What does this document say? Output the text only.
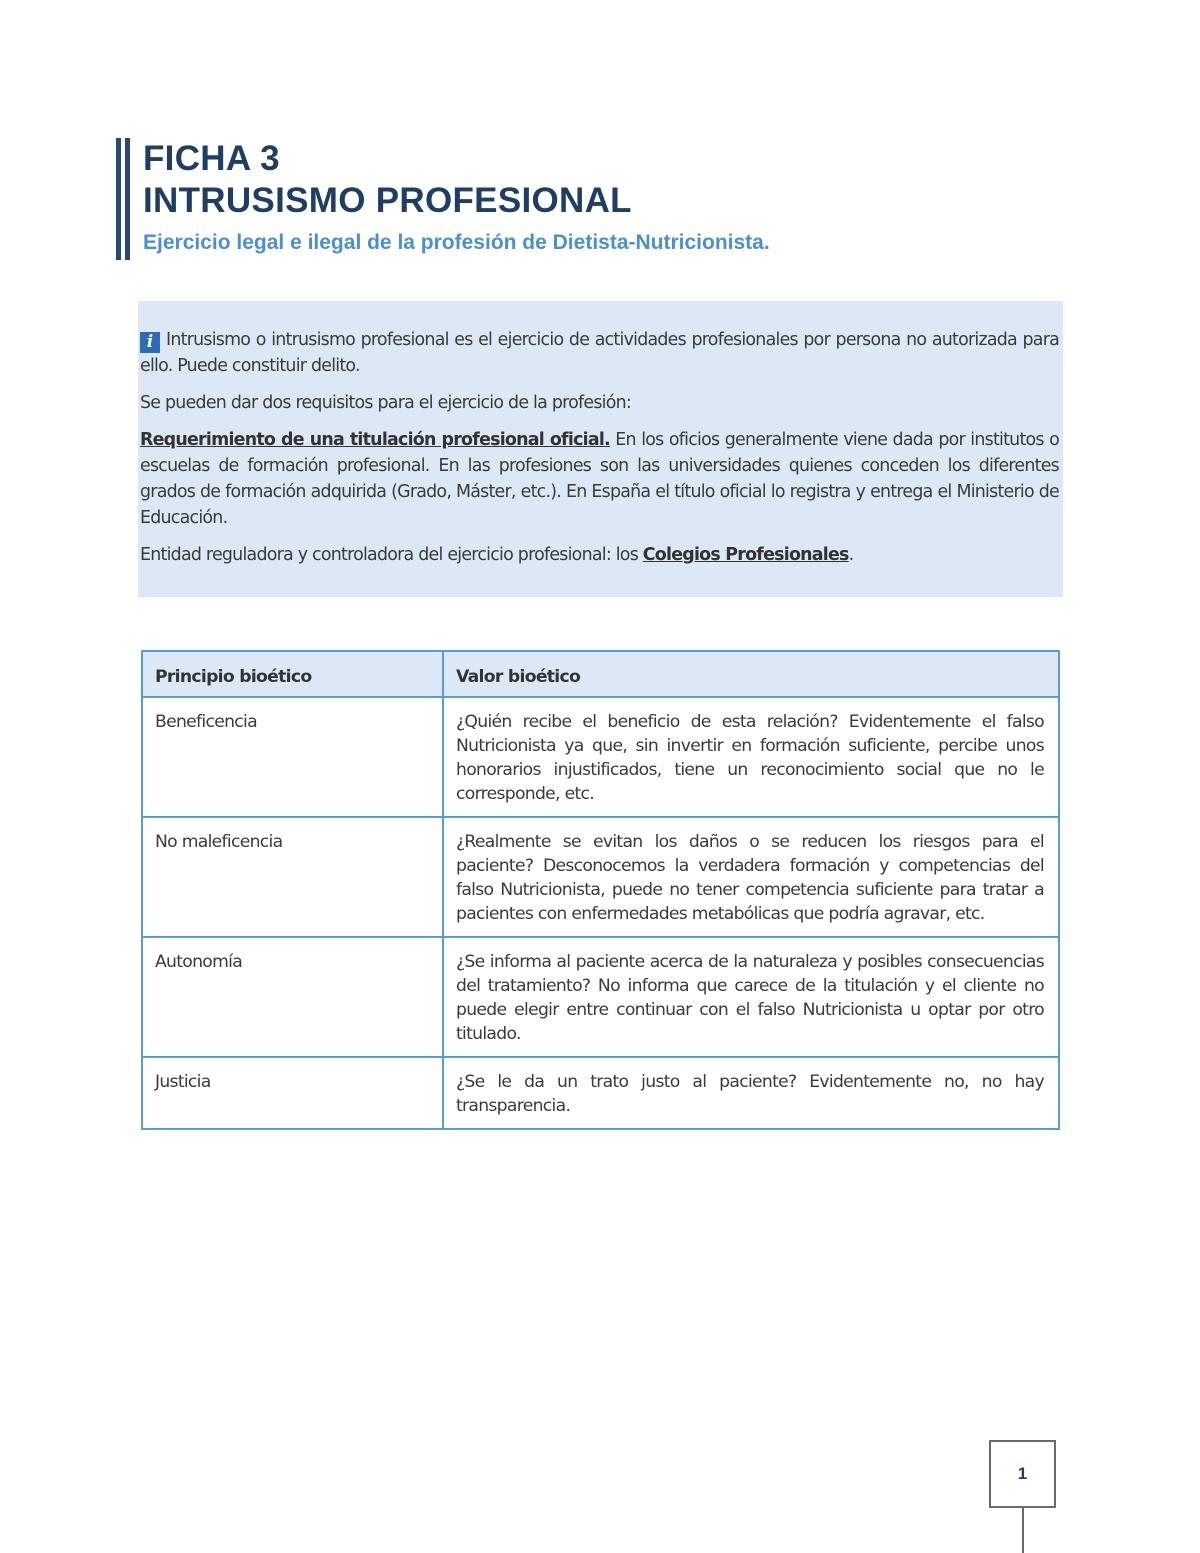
FICHA 3
INTRUSISMO PROFESIONAL
Ejercicio legal e ilegal de la profesión de Dietista-Nutricionista.

i Intrusismo o intrusismo profesional es el ejercicio de actividades profesionales por persona no autorizada para ello. Puede constituir delito.

Se pueden dar dos requisitos para el ejercicio de la profesión:

Requerimiento de una titulación profesional oficial. En los oficios generalmente viene dada por institutos o escuelas de formación profesional. En las profesiones son las universidades quienes conceden los diferentes grados de formación adquirida (Grado, Máster, etc.). En España el título oficial lo registra y entrega el Ministerio de Educación.

Entidad reguladora y controladora del ejercicio profesional: los Colegios Profesionales.

Principio bioético	Valor bioético
Beneficencia	¿Quién recibe el beneficio de esta relación? Evidentemente el falso Nutricionista ya que, sin invertir en formación suficiente, percibe unos honorarios injustificados, tiene un reconocimiento social que no le corresponde, etc.
No maleficencia	¿Realmente se evitan los daños o se reducen los riesgos para el paciente? Desconocemos la verdadera formación y competencias del falso Nutricionista, puede no tener competencia suficiente para tratar a pacientes con enfermedades metabólicas que podría agravar, etc.
Autonomía	¿Se informa al paciente acerca de la naturaleza y posibles consecuencias del tratamiento? No informa que carece de la titulación y el cliente no puede elegir entre continuar con el falso Nutricionista u optar por otro titulado.
Justicia	¿Se le da un trato justo al paciente? Evidentemente no, no hay transparencia.
1
